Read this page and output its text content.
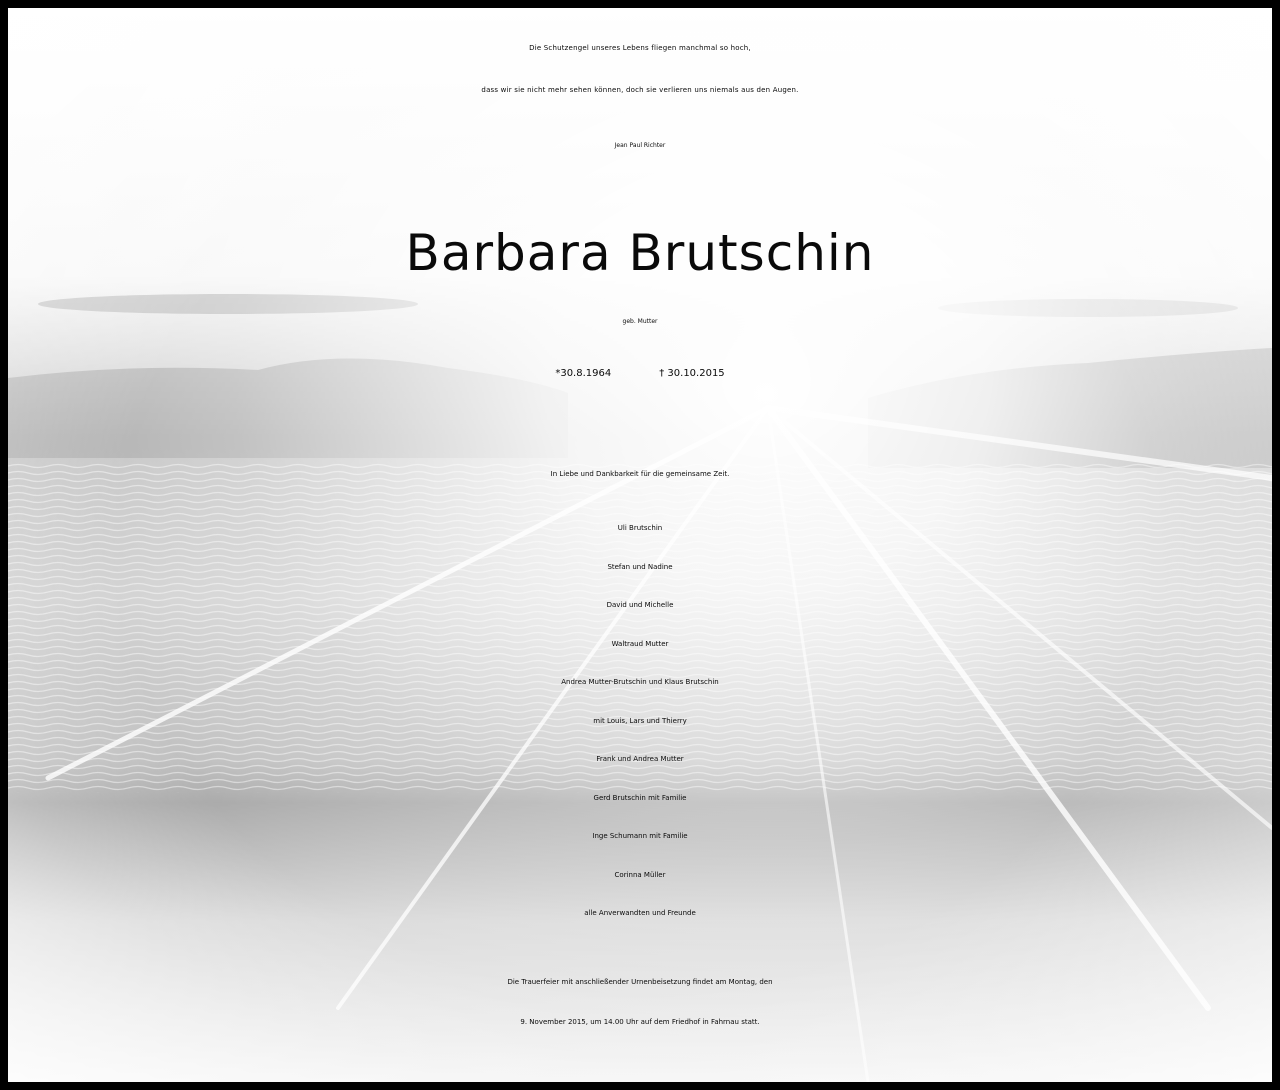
Die Schutzengel unseres Lebens fliegen manchmal so hoch,
dass wir sie nicht mehr sehen können, doch sie verlieren uns niemals aus den Augen.
Jean Paul Richter
Barbara Brutschin
geb. Mutter
*30.8.1964	† 30.10.2015
In Liebe und Dankbarkeit für die gemeinsame Zeit.
Uli Brutschin
Stefan und Nadine
David und Michelle
Waltraud Mutter
Andrea Mutter-Brutschin und Klaus Brutschin
mit Louis, Lars und Thierry
Frank und Andrea Mutter
Gerd Brutschin mit Familie
Inge Schumann mit Familie
Corinna Müller
alle Anverwandten und Freunde
Die Trauerfeier mit anschließender Urnenbeisetzung findet am Montag, den
9. November 2015, um 14.00 Uhr auf dem Friedhof in Fahrnau statt.
